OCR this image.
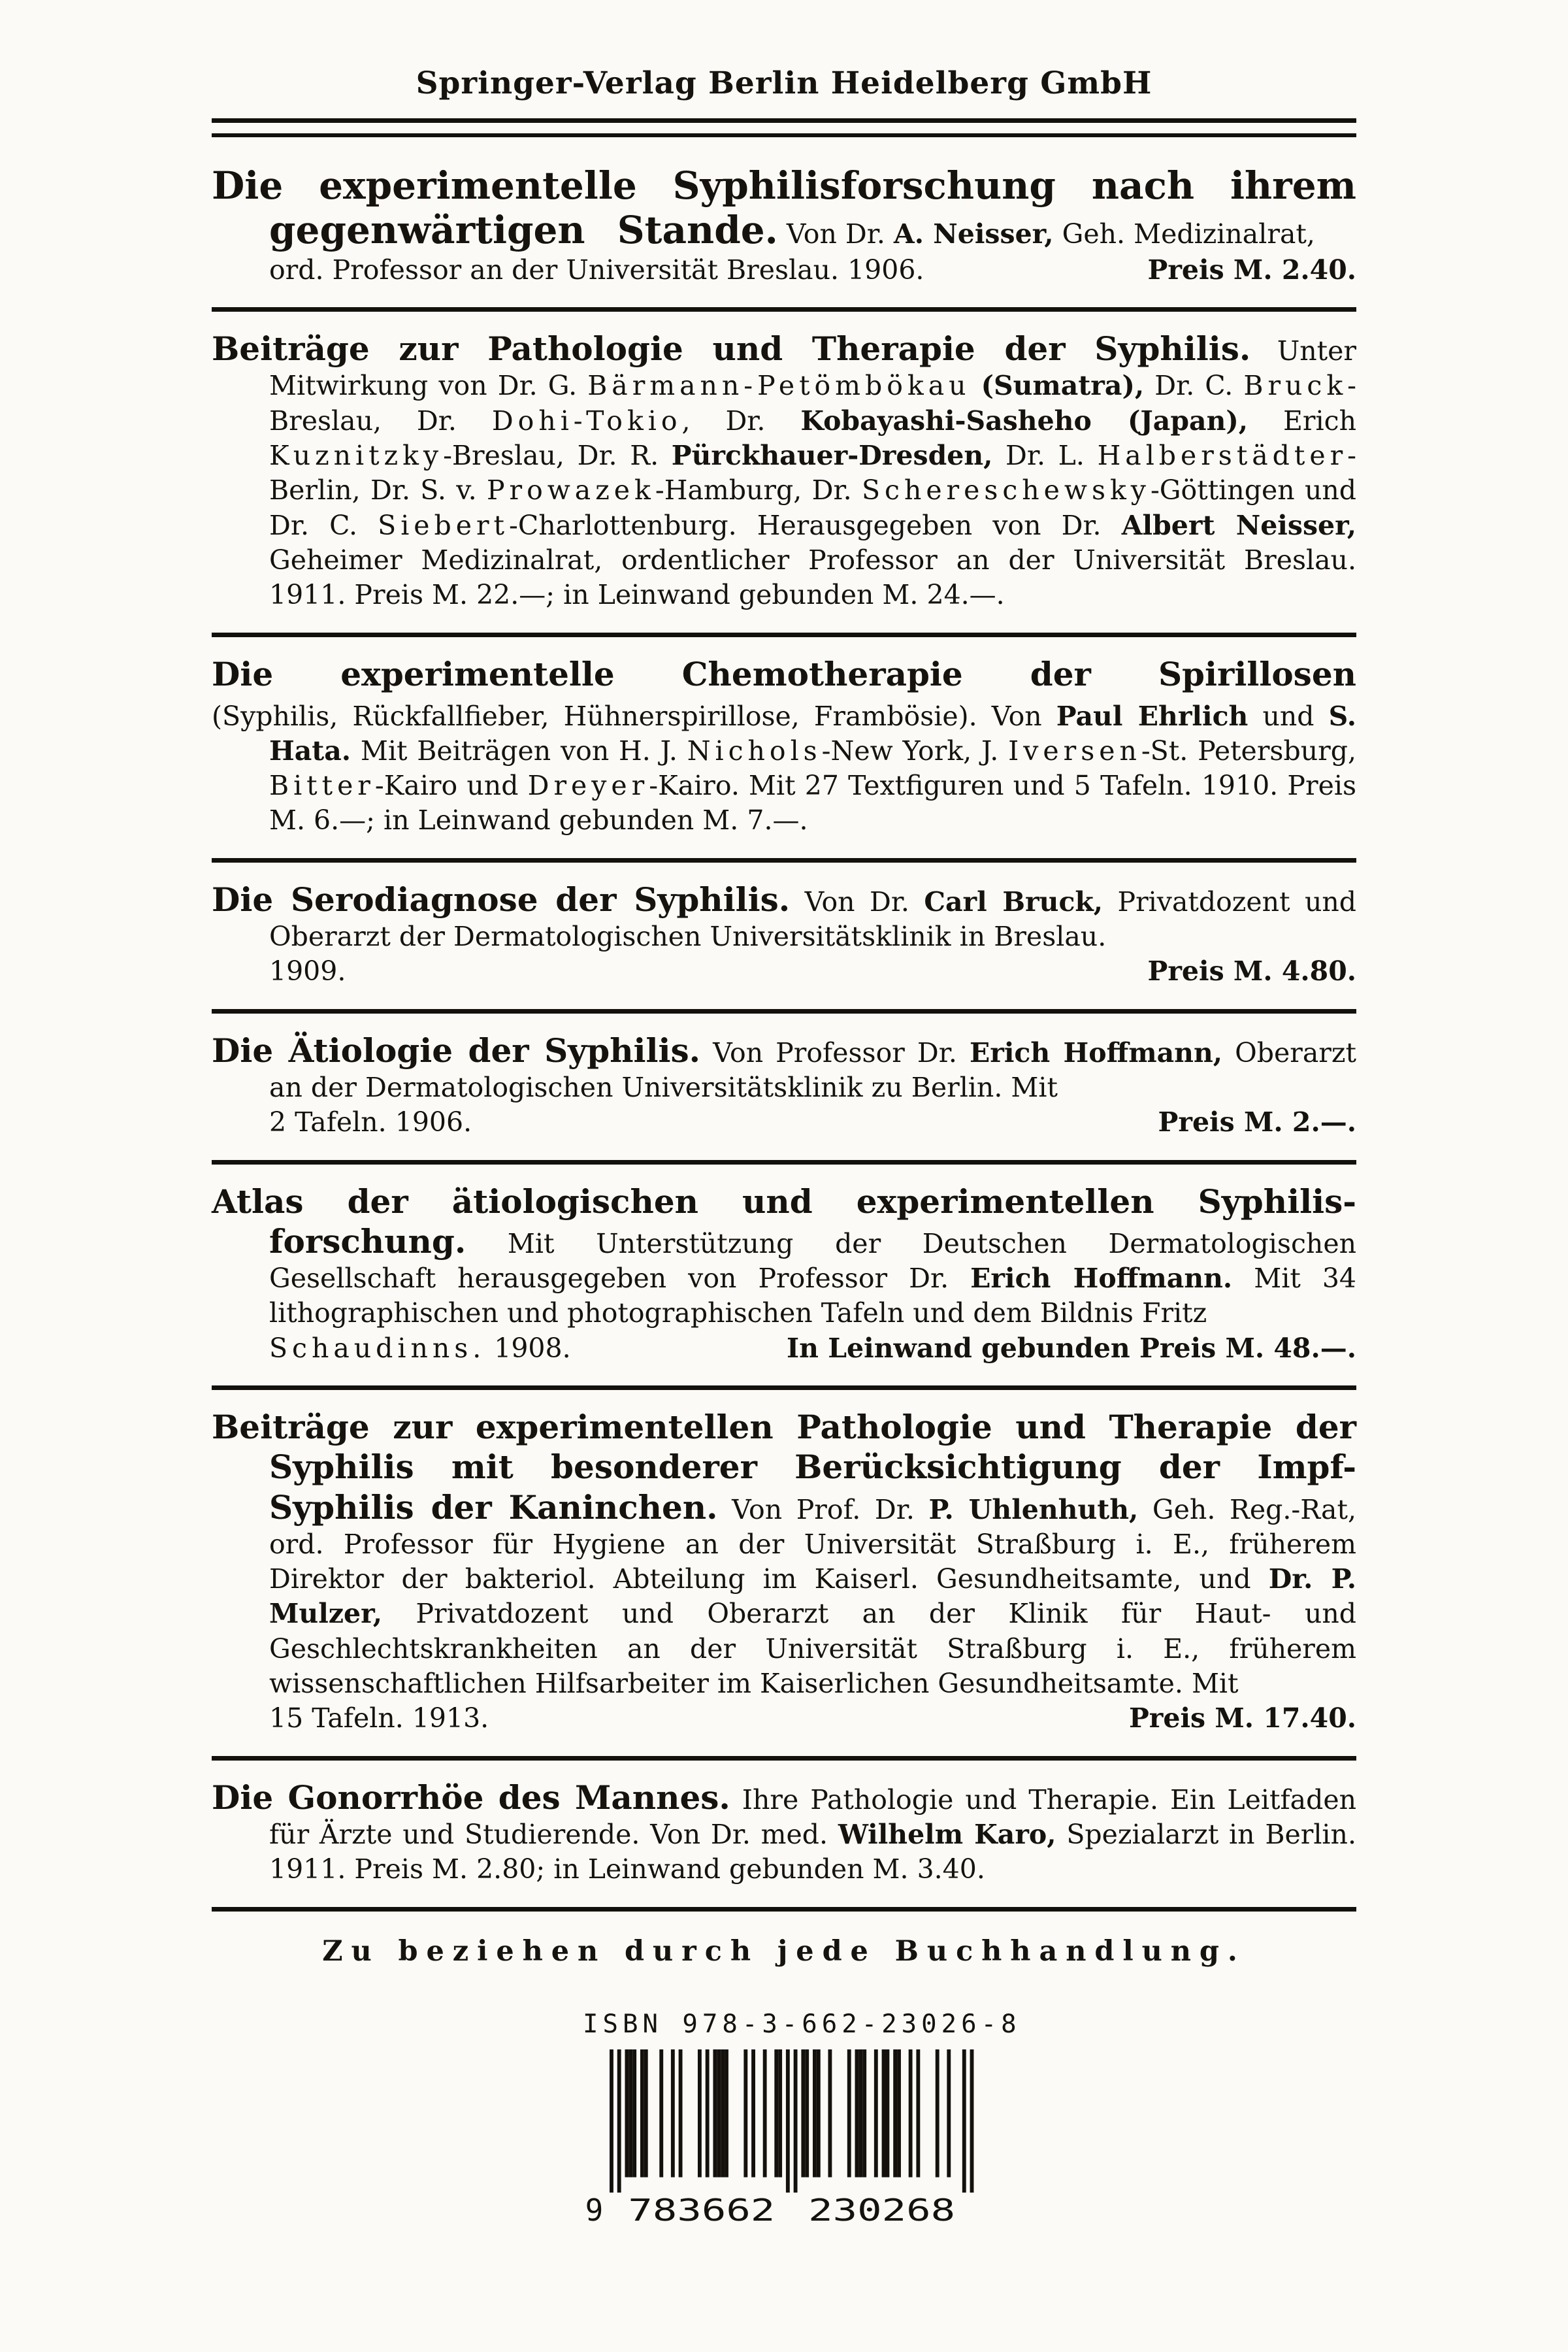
Springer-Verlag Berlin Heidelberg GmbH

Die experimentelle Syphilisforschung nach ihrem gegenwärtigen Stande. Von Dr. A. Neisser, Geh. Medizinalrat,

ord. Professor an der Universität Breslau. 1906.	Preis M. 2.40.

Beiträge zur Pathologie und Therapie der Syphilis. Unter Mitwirkung von Dr. G. Bärmann-Petömbökau (Sumatra), Dr. C. Bruck-Breslau, Dr. Dohi-Tokio, Dr. Kobayashi-Sasheho (Japan), Erich Kuznitzky-Breslau, Dr. R. Pürckhauer-Dresden, Dr. L. Halberstädter-Berlin, Dr. S. v. Prowazek-Hamburg, Dr. Schereschewsky-Göttingen und Dr. C. Siebert-Charlottenburg. Herausgegeben von Dr. Albert Neisser, Geheimer Medizinalrat, ordentlicher Professor an der Universität Breslau. 1911. Preis M. 22.—; in Leinwand gebunden M. 24.—.

Die experimentelle Chemotherapie der Spirillosen

(Syphilis, Rückfallfieber, Hühnerspirillose, Frambösie). Von Paul Ehrlich und S. Hata. Mit Beiträgen von H. J. Nichols-New York, J. Iversen-St. Petersburg, Bitter-Kairo und Dreyer-Kairo. Mit 27 Textfiguren und 5 Tafeln. 1910. Preis M. 6.—; in Leinwand gebunden M. 7.—.

Die Serodiagnose der Syphilis. Von Dr. Carl Bruck, Privatdozent und Oberarzt der Dermatologischen Universitätsklinik in Breslau.

1909.	Preis M. 4.80.

Die Ätiologie der Syphilis. Von Professor Dr. Erich Hoffmann, Oberarzt an der Dermatologischen Universitätsklinik zu Berlin. Mit

2 Tafeln. 1906.	Preis M. 2.—.

Atlas der ätiologischen und experimentellen Syphilisforschung. Mit Unterstützung der Deutschen Dermatologischen Gesellschaft herausgegeben von Professor Dr. Erich Hoffmann. Mit 34 lithographischen und photographischen Tafeln und dem Bildnis Fritz

Schaudinns. 1908.	In Leinwand gebunden Preis M. 48.—.

Beiträge zur experimentellen Pathologie und Therapie der Syphilis mit besonderer Berücksichtigung der Impf-Syphilis der Kaninchen. Von Prof. Dr. P. Uhlenhuth, Geh. Reg.-Rat, ord. Professor für Hygiene an der Universität Straßburg i. E., früherem Direktor der bakteriol. Abteilung im Kaiserl. Gesundheitsamte, und Dr. P. Mulzer, Privatdozent und Oberarzt an der Klinik für Haut- und Geschlechtskrankheiten an der Universität Straßburg i. E., früherem wissenschaftlichen Hilfsarbeiter im Kaiserlichen Gesundheitsamte. Mit

15 Tafeln. 1913.	Preis M. 17.40.

Die Gonorrhöe des Mannes. Ihre Pathologie und Therapie. Ein Leitfaden für Ärzte und Studierende. Von Dr. med. Wilhelm Karo, Spezialarzt in Berlin. 1911. Preis M. 2.80; in Leinwand gebunden M. 3.40.

Zu beziehen durch jede Buchhandlung.
ISBN 978-3-662-23026-8
9 783662 230268
